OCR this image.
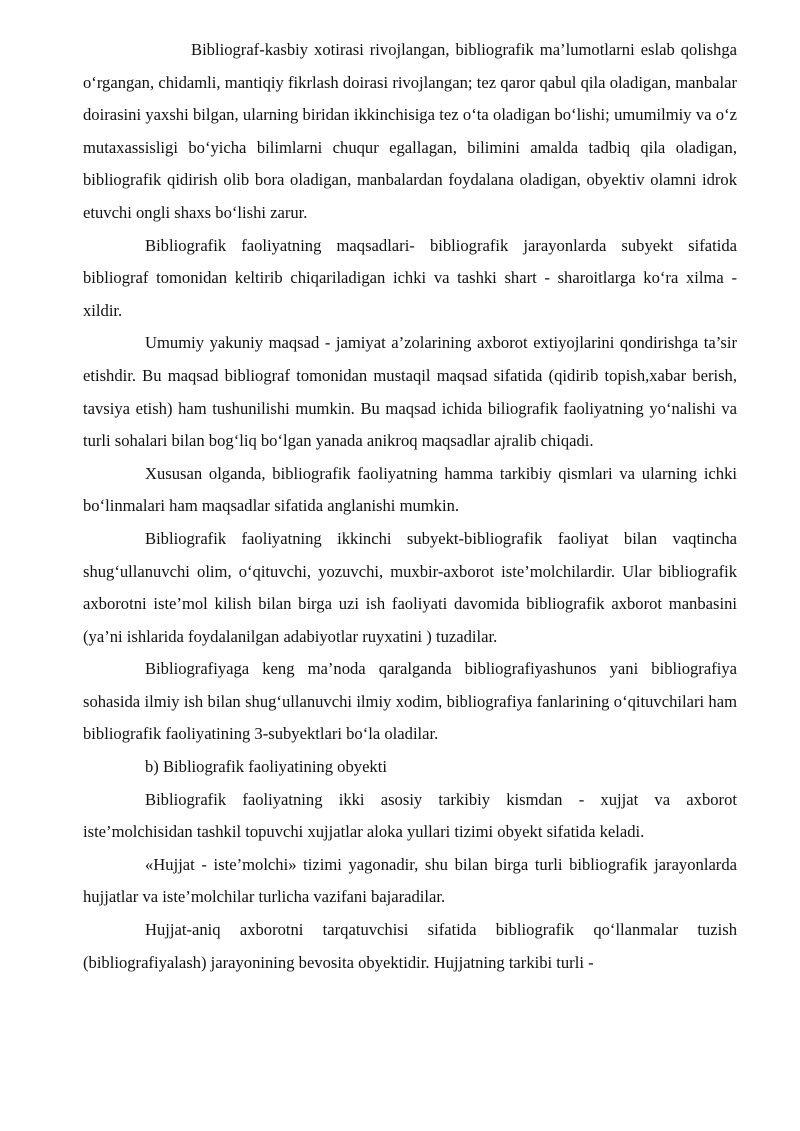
Bibliograf-kasbiy xotirasi rivojlangan, bibliografik ma’lumotlarni eslab qolishga o‘rgangan, chidamli, mantiqiy fikrlash doirasi rivojlangan; tez qaror qabul qila oladigan, manbalar doirasini yaxshi bilgan, ularning biridan ikkinchisiga tez o‘ta oladigan bo‘lishi; umumilmiy va o‘z mutaxassisligi bo‘yicha bilimlarni chuqur egallagan, bilimini amalda tadbiq qila oladigan, bibliografik qidirish olib bora oladigan, manbalardan foydalana oladigan, obyektiv olamni idrok etuvchi ongli shaxs bo‘lishi zarur.

Bibliografik faoliyatning maqsadlari- bibliografik jarayonlarda subyekt sifatida bibliograf tomonidan keltirib chiqariladigan ichki va tashki shart - sharoitlarga ko‘ra xilma - xildir.

Umumiy yakuniy maqsad - jamiyat a’zolarining axborot extiyojlarini qondirishga ta’sir etishdir. Bu maqsad bibliograf tomonidan mustaqil maqsad sifatida (qidirib topish,xabar berish, tavsiya etish) ham tushunilishi mumkin. Bu maqsad ichida biliografik faoliyatning yo‘nalishi va turli sohalari bilan bog‘liq bo‘lgan yanada anikroq maqsadlar ajralib chiqadi.

Xususan olganda, bibliografik faoliyatning hamma tarkibiy qismlari va ularning ichki bo‘linmalari ham maqsadlar sifatida anglanishi mumkin.

Bibliografik faoliyatning ikkinchi subyekt-bibliografik faoliyat bilan vaqtincha shug‘ullanuvchi olim, o‘qituvchi, yozuvchi, muxbir-axborot iste’molchilardir. Ular bibliografik axborotni iste’mol kilish bilan birga uzi ish faoliyati davomida bibliografik axborot manbasini (ya’ni ishlarida foydalanilgan adabiyotlar ruyxatini ) tuzadilar.

Bibliografiyaga keng ma’noda qaralganda bibliografiyashunos yani bibliografiya sohasida ilmiy ish bilan shug‘ullanuvchi ilmiy xodim, bibliografiya fanlarining o‘qituvchilari ham bibliografik faoliyatining 3-subyektlari bo‘la oladilar.

b) Bibliografik faoliyatining obyekti

Bibliografik faoliyatning ikki asosiy tarkibiy kismdan - xujjat va axborot iste’molchisidan tashkil topuvchi xujjatlar aloka yullari tizimi obyekt sifatida keladi.

«Hujjat - iste’molchi» tizimi yagonadir, shu bilan birga turli bibliografik jarayonlarda hujjatlar va iste’molchilar turlicha vazifani bajaradilar.

Hujjat-aniq axborotni tarqatuvchisi sifatida bibliografik qo‘llanmalar tuzish (bibliografiyalash) jarayonining bevosita obyektidir. Hujjatning tarkibi turli -
